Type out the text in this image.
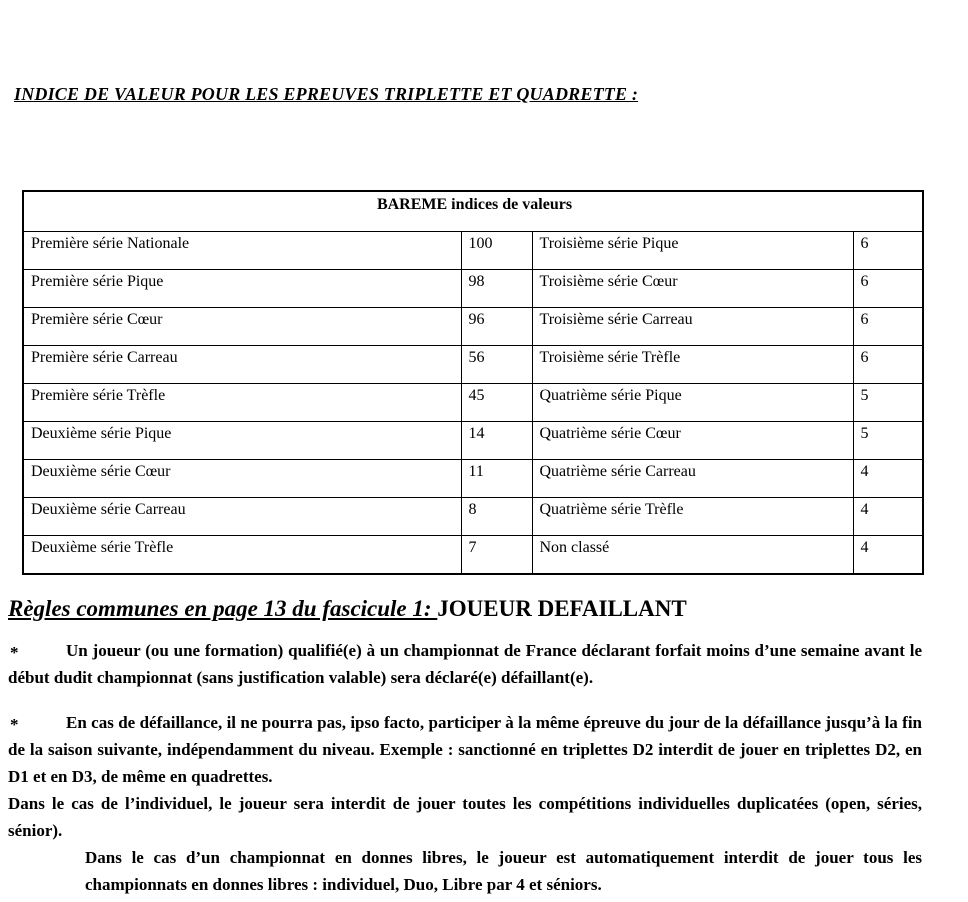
INDICE DE VALEUR POUR LES EPREUVES TRIPLETTE ET QUADRETTE :
BAREME indices de valeurs			
Première série Nationale	100	Troisième série Pique	6
Première série Pique	98	Troisième série Cœur	6
Première série Cœur	96	Troisième série Carreau	6
Première série Carreau	56	Troisième série Trèfle	6
Première série Trèfle	45	Quatrième série Pique	5
Deuxième série Pique	14	Quatrième série Cœur	5
Deuxième série Cœur	11	Quatrième série Carreau	4
Deuxième série Carreau	8	Quatrième série Trèfle	4
Deuxième série Trèfle	7	Non classé	4
Règles communes en page 13 du fascicule 1: JOUEUR DEFAILLANT

*	Un joueur (ou une formation) qualifié(e) à un championnat de France déclarant forfait moins d’une semaine avant le début dudit championnat (sans justification valable) sera déclaré(e) défaillant(e).

*	En cas de défaillance, il ne pourra pas, ipso facto, participer à la même épreuve du jour de la défaillance jusqu’à la fin de la saison suivante, indépendamment du niveau. Exemple : sanctionné en triplettes D2 interdit de jouer en triplettes D2, en D1 et en D3, de même en quadrettes.

Dans le cas de l’individuel, le joueur sera interdit de jouer toutes les compétitions individuelles duplicatées (open, séries, sénior).

Dans le cas d’un championnat en donnes libres, le joueur est automatiquement interdit de jouer tous les championnats en donnes libres : individuel, Duo, Libre par 4 et séniors.
